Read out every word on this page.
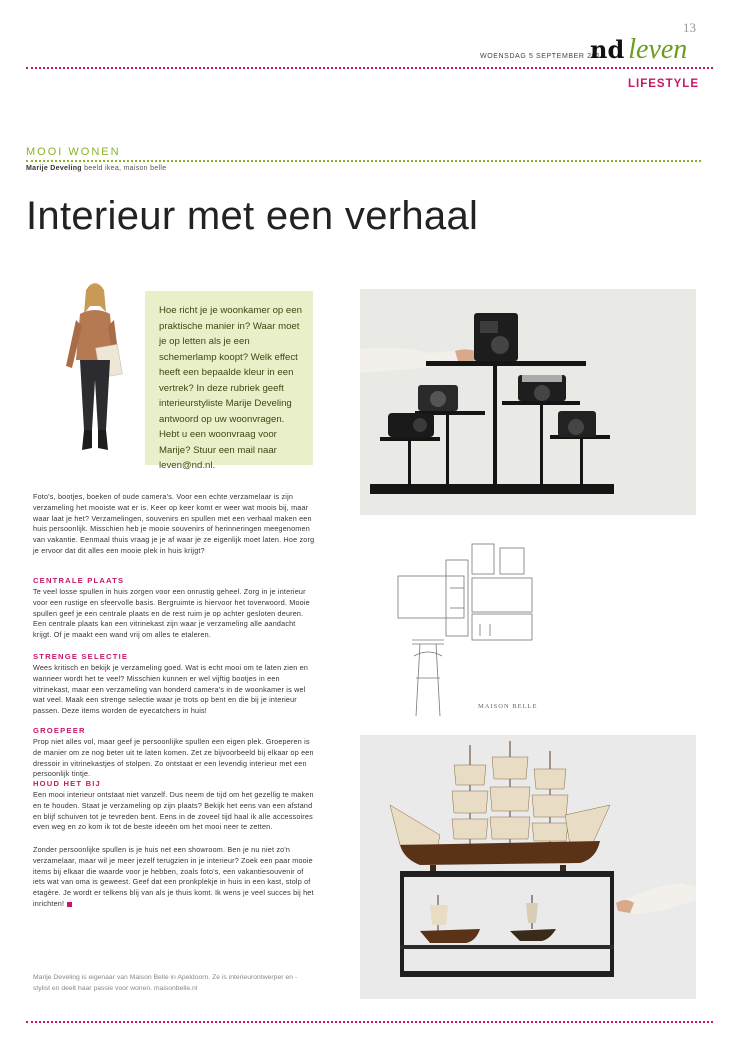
13
WOENSDAG 5 SEPTEMBER 2018
nd leven
LIFESTYLE
MOOI WONEN
Marije Develing beeld ikea, maison belle
Interieur met een verhaal
Hoe richt je je woonkamer op een praktische manier in? Waar moet je op letten als je een schemerlamp koopt? Welk effect heeft een bepaalde kleur in een vertrek? In deze rubriek geeft interieurstyliste Marije Develing antwoord op uw woonvragen. Hebt u een woonvraag voor Marije? Stuur een mail naar leven@nd.nl.

Foto's, bootjes, boeken of oude camera's. Voor een echte verzamelaar is zijn verzameling het mooiste wat er is. Keer op keer komt er weer wat moois bij, maar waar laat je het? Verzamelingen, souvenirs en spullen met een verhaal maken een huis persoonlijk. Misschien heb je mooie souvenirs of herinneringen meegenomen van vakantie. Eenmaal thuis vraag je je af waar je ze eigenlijk moet laten. Hoe zorg je ervoor dat dit alles een mooie plek in huis krijgt?

CENTRALE PLAATS

Te veel losse spullen in huis zorgen voor een onrustig geheel. Zorg in je interieur voor een rustige en sfeervolle basis. Bergruimte is hiervoor het toverwoord. Mooie spullen geef je een centrale plaats en de rest ruim je op achter gesloten deuren. Een centrale plaats kan een vitrinekast zijn waar je verzameling alle aandacht krijgt. Of je maakt een wand vrij om alles te etaleren.

STRENGE SELECTIE

Wees kritisch en bekijk je verzameling goed. Wat is echt mooi om te laten zien en wanneer wordt het te veel? Misschien kunnen er wel vijftig bootjes in een vitrinekast, maar een verzameling van honderd camera's in de woonkamer is wel wat veel. Maak een strenge selectie waar je trots op bent en die bij je interieur passen. Deze items worden de eyecatchers in huis!

GROEPEER

Prop niet alles vol, maar geef je persoonlijke spullen een eigen plek. Groeperen is de manier om ze nog beter uit te laten komen. Zet ze bijvoorbeeld bij elkaar op een dressoir in vitrinekastjes of stolpen. Zo ontstaat er een levendig interieur met een persoonlijk tintje.

HOUD HET BIJ

Een mooi interieur ontstaat niet vanzelf. Dus neem de tijd om het gezellig te maken en te houden. Staat je verzameling op zijn plaats? Bekijk het eens van een afstand en blijf schuiven tot je tevreden bent. Eens in de zoveel tijd haal ik alle accessoires even weg en zo kom ik tot de beste ideeën om het mooi neer te zetten.

Zonder persoonlijke spullen is je huis net een showroom. Ben je nu niet zo'n verzamelaar, maar wil je meer jezelf terugzien in je interieur? Zoek een paar mooie items bij elkaar die waarde voor je hebben, zoals foto's, een vakantiesouvenir of iets wat van oma is geweest. Geef dat een pronkplekje in huis in een kast, stolp of etagère. Je wordt er telkens blij van als je thuis komt. Ik wens je veel succes bij het inrichten!

Marije Develing is eigenaar van Maison Belle in Apeldoorn. Ze is interieurontwerper en -stylist en deelt haar passie voor wonen. maisonbelle.nl

MAISON BELLE
